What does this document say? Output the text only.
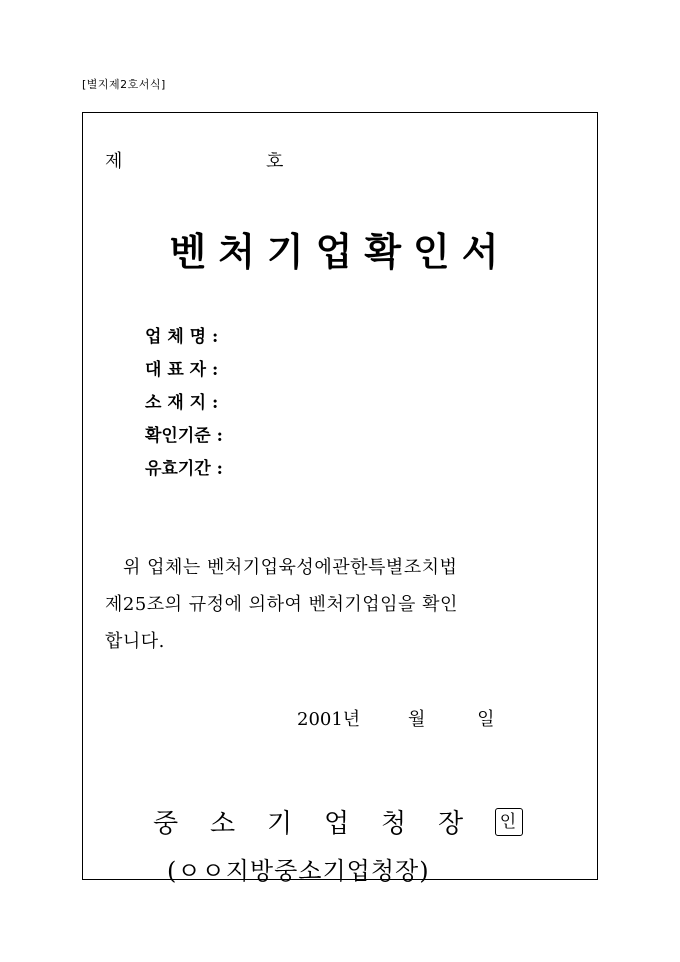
[별지제2호서식]
제	호
벤처기업확인서
업 체 명 :
대 표 자 :
소 재 지 :
확인기준 :
유효기간 :
위 업체는 벤처기업육성에관한특별조치법
제25조의 규정에 의하여 벤처기업임을 확인
합니다.
2001년	월	일
중	소	기	업	청	장	인
(ㅇㅇ지방중소기업청장)
